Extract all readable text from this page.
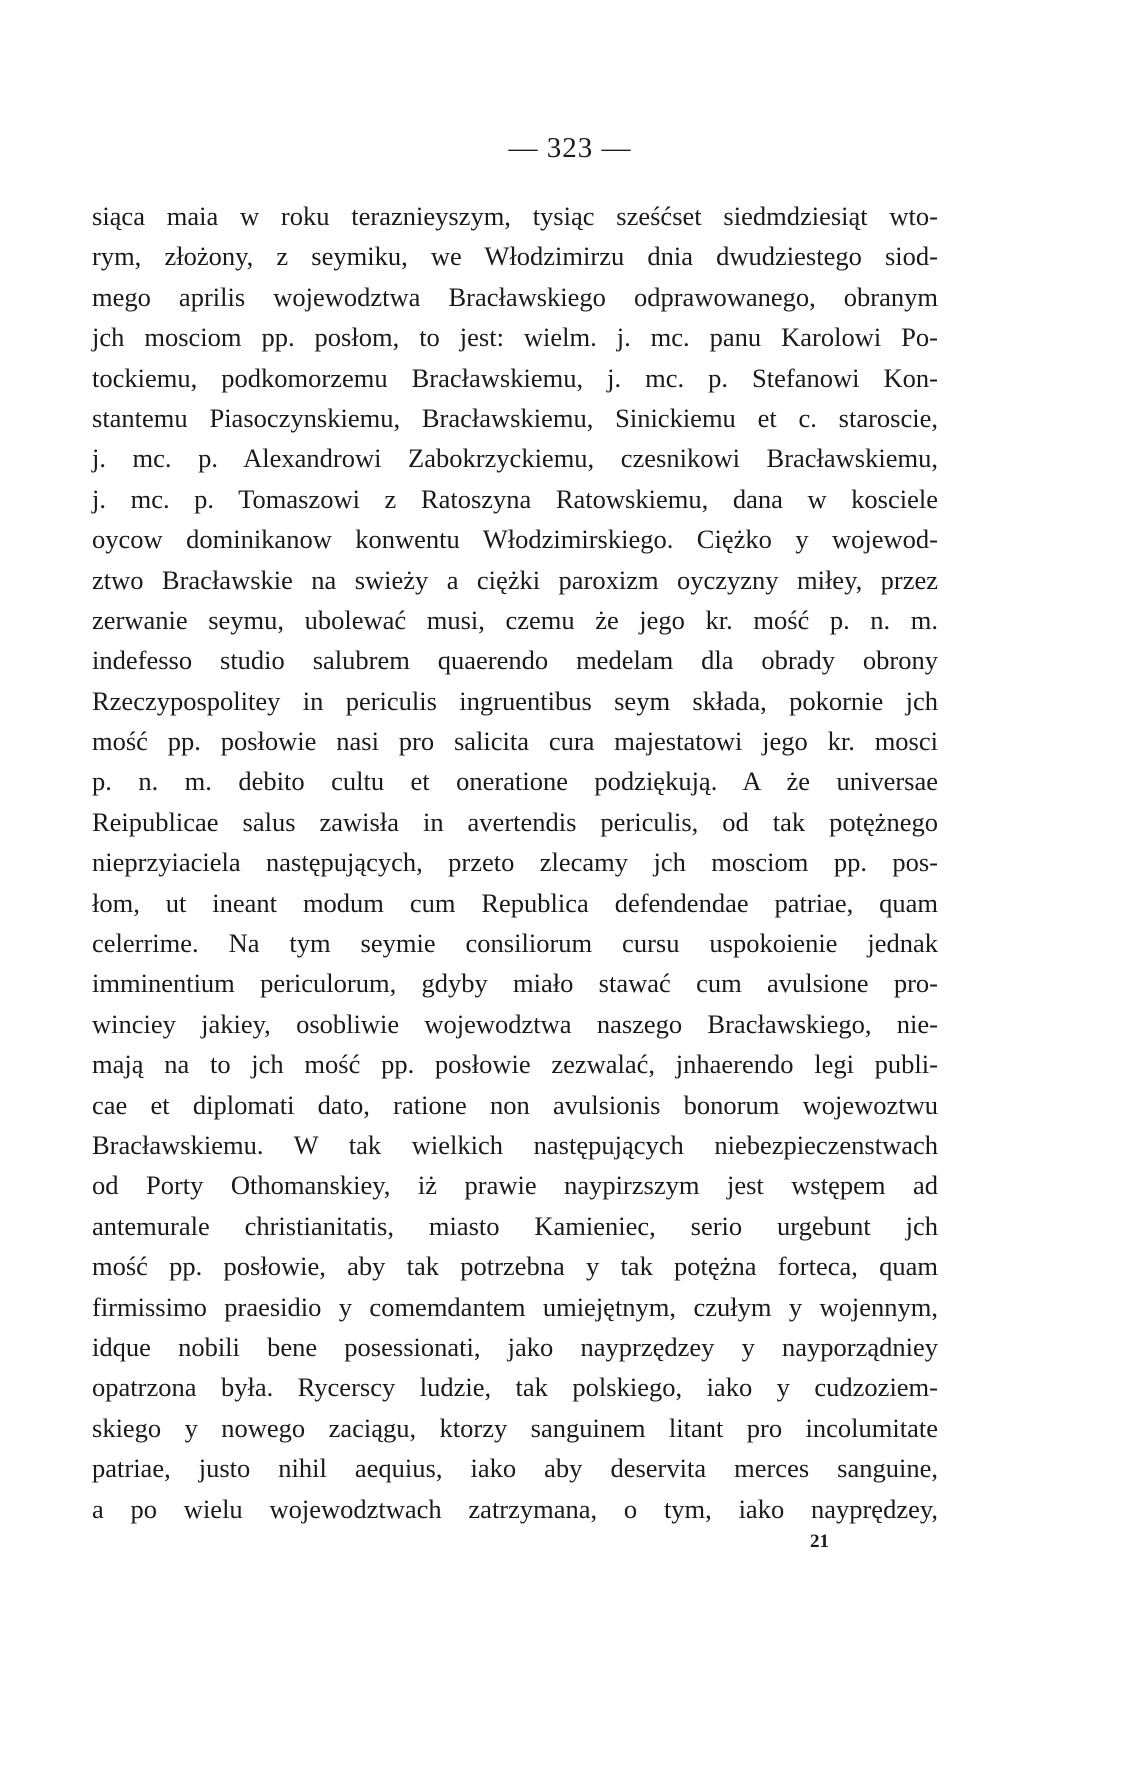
— 323 —
siąca maia w roku teraznieyszym, tysiąc sześćset siedmdziesiąt wto-
rym, złożony, z seymiku, we Włodzimirzu dnia dwudziestego siod-
mego aprilis wojewodztwa Bracławskiego odprawowanego, obranym
jch mosciom pp. posłom, to jest: wielm. j. mc. panu Karolowi Po-
tockiemu, podkomorzemu Bracławskiemu, j. mc. p. Stefanowi Kon-
stantemu Piasoczynskiemu, Bracławskiemu, Sinickiemu et c. staroscie,
j. mc. p. Alexandrowi Zabokrzyckiemu, czesnikowi Bracławskiemu,
j. mc. p. Tomaszowi z Ratoszyna Ratowskiemu, dana w kosciele
oycow dominikanow konwentu Włodzimirskiego. Ciężko y wojewod-
ztwo Bracławskie na swieży a ciężki paroxizm oyczyzny miłey, przez
zerwanie seymu, ubolewać musi, czemu że jego kr. mość p. n. m.
indefesso studio salubrem quaerendo medelam dla obrady obrony
Rzeczypospolitey in periculis ingruentibus seym składa, pokornie jch
mość pp. posłowie nasi pro salicita cura majestatowi jego kr. mosci
p. n. m. debito cultu et oneratione podziękują. A że universae
Reipublicae salus zawisła in avertendis periculis, od tak potężnego
nieprzyiaciela następujących, przeto zlecamy jch mosciom pp. pos-
łom, ut ineant modum cum Republica defendendae patriae, quam
celerrime. Na tym seymie consiliorum cursu uspokoienie jednak
imminentium periculorum, gdyby miało stawać cum avulsione pro-
winciey jakiey, osobliwie wojewodztwa naszego Bracławskiego, nie-
mają na to jch mość pp. posłowie zezwalać, jnhaerendo legi publi-
cae et diplomati dato, ratione non avulsionis bonorum wojewoztwu
Bracławskiemu. W tak wielkich następujących niebezpieczenstwach
od Porty Othomanskiey, iż prawie naypirzszym jest wstępem ad
antemurale christianitatis, miasto Kamieniec, serio urgebunt jch
mość pp. posłowie, aby tak potrzebna y tak potężna forteca, quam
firmissimo praesidio y comemdantem umiejętnym, czułym y wojennym,
idque nobili bene posessionati, jako nayprzędzey y nayporządniey
opatrzona była. Rycerscy ludzie, tak polskiego, iako y cudzoziem-
skiego y nowego zaciągu, ktorzy sanguinem litant pro incolumitate
patriae, justo nihil aequius, iako aby deservita merces sanguine,
a po wielu wojewodztwach zatrzymana, o tym, iako nayprędzey,
21
